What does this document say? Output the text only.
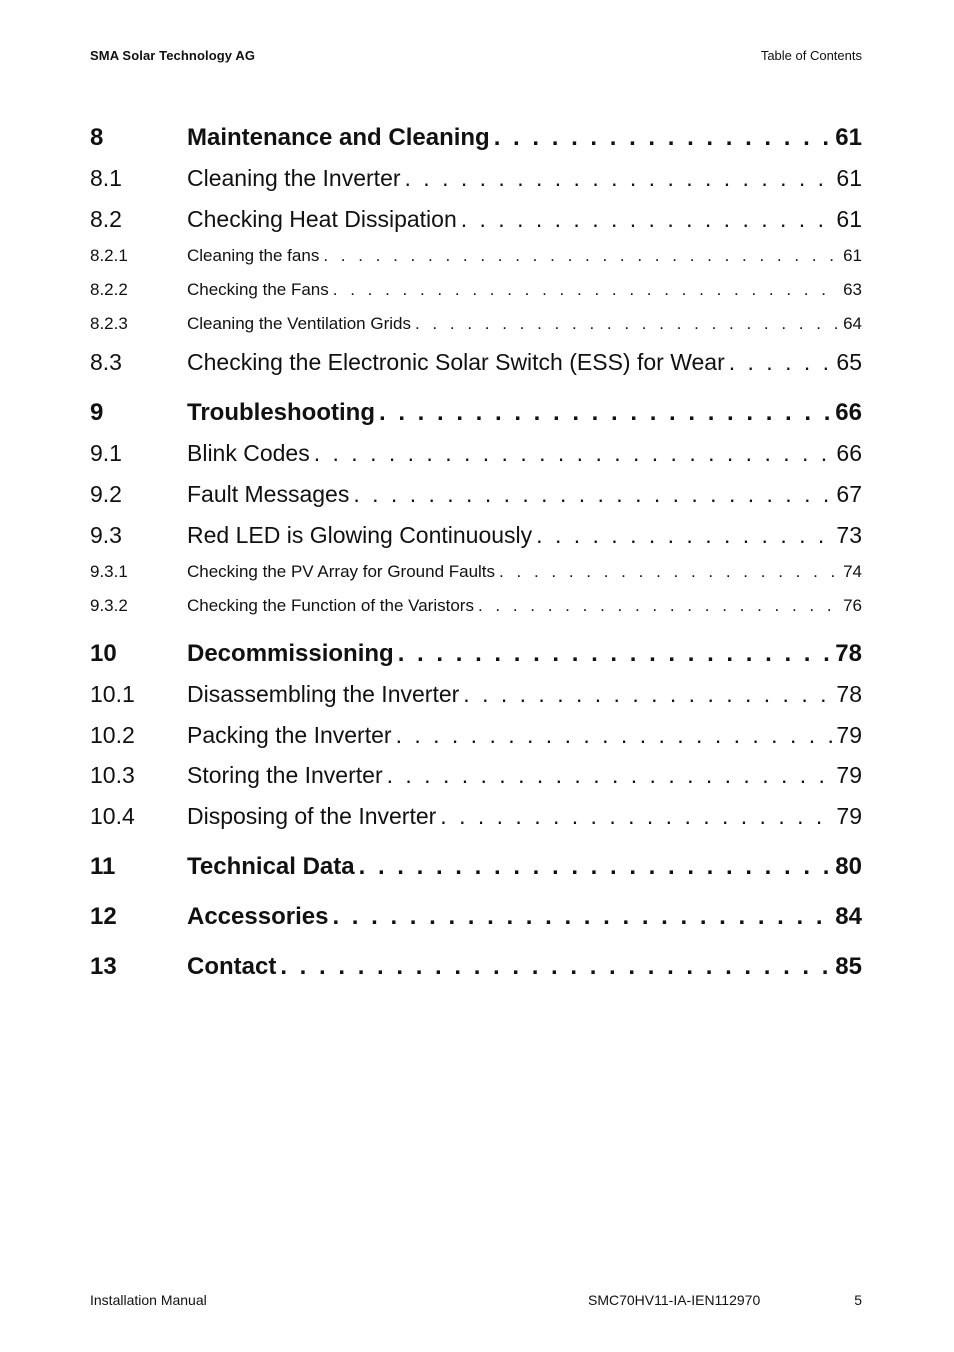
SMA Solar Technology AG	Table of Contents
8	Maintenance and Cleaning . . .	61
8.1	Cleaning the Inverter . . .	61
8.2	Checking Heat Dissipation . . .	61
8.2.1	Cleaning the fans . . .	61
8.2.2	Checking the Fans . . .	63
8.2.3	Cleaning the Ventilation Grids . . .	64
8.3	Checking the Electronic Solar Switch (ESS) for Wear . . .	65
9	Troubleshooting . . .	66
9.1	Blink Codes . . .	66
9.2	Fault Messages . . .	67
9.3	Red LED is Glowing Continuously . . .	73
9.3.1	Checking the PV Array for Ground Faults . . .	74
9.3.2	Checking the Function of the Varistors . . .	76
10	Decommissioning . . .	78
10.1	Disassembling the Inverter . . .	78
10.2	Packing the Inverter . . .	79
10.3	Storing the Inverter . . .	79
10.4	Disposing of the Inverter . . .	79
11	Technical Data . . .	80
12	Accessories . . .	84
13	Contact . . .	85
Installation Manual	SMC70HV11-IA-IEN112970	5
